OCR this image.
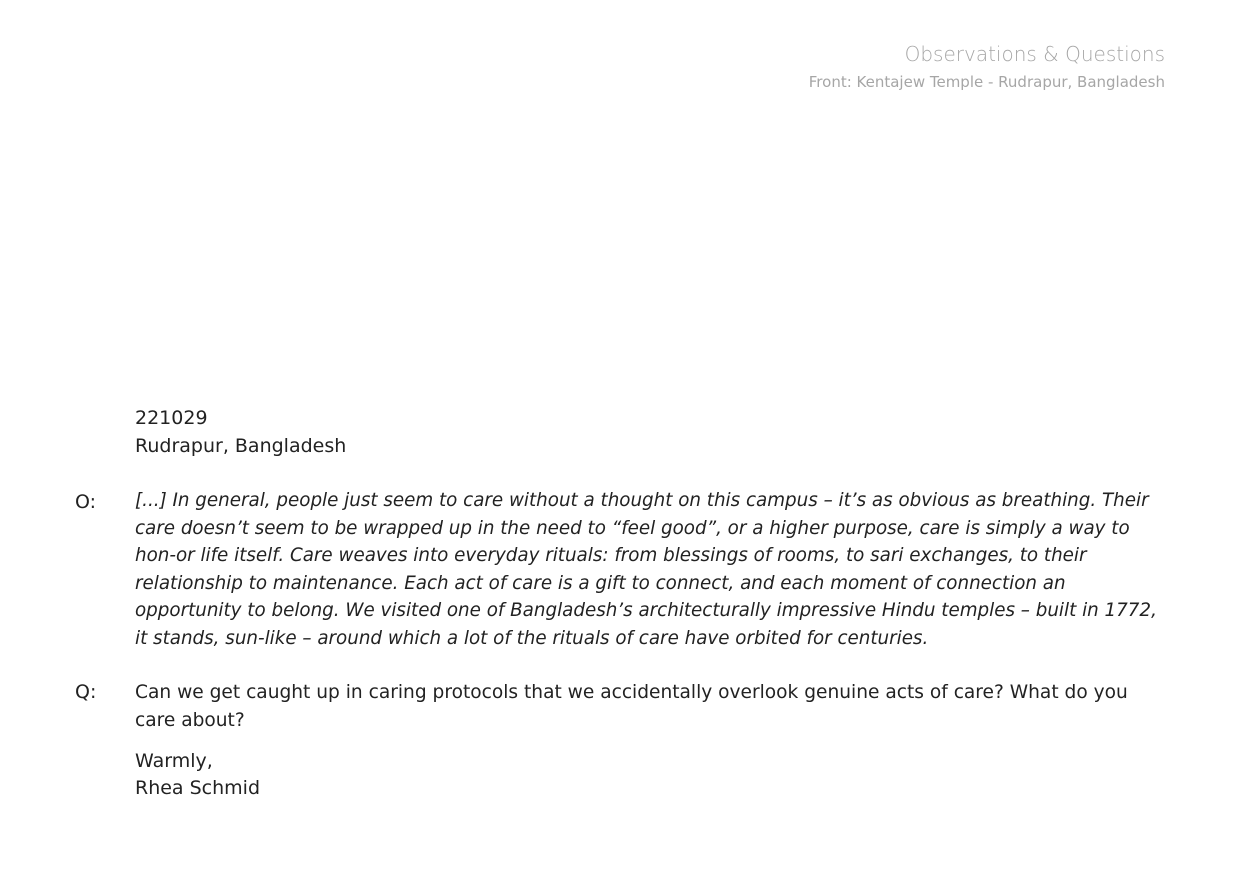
Observations & Questions
Front: Kentajew Temple - Rudrapur, Bangladesh
221029
Rudrapur, Bangladesh
O: [...] In general, people just seem to care without a thought on this campus – it’s as obvious as breathing. Their care doesn’t seem to be wrapped up in the need to “feel good”, or a higher purpose, care is simply a way to hon-or life itself. Care weaves into everyday rituals: from blessings of rooms, to sari exchanges, to their relationship to maintenance. Each act of care is a gift to connect, and each moment of connection an opportunity to belong. We visited one of Bangladesh’s architecturally impressive Hindu temples – built in 1772, it stands, sun-like – around which a lot of the rituals of care have orbited for centuries.
Q: Can we get caught up in caring protocols that we accidentally overlook genuine acts of care? What do you care about?
Warmly,
Rhea Schmid
